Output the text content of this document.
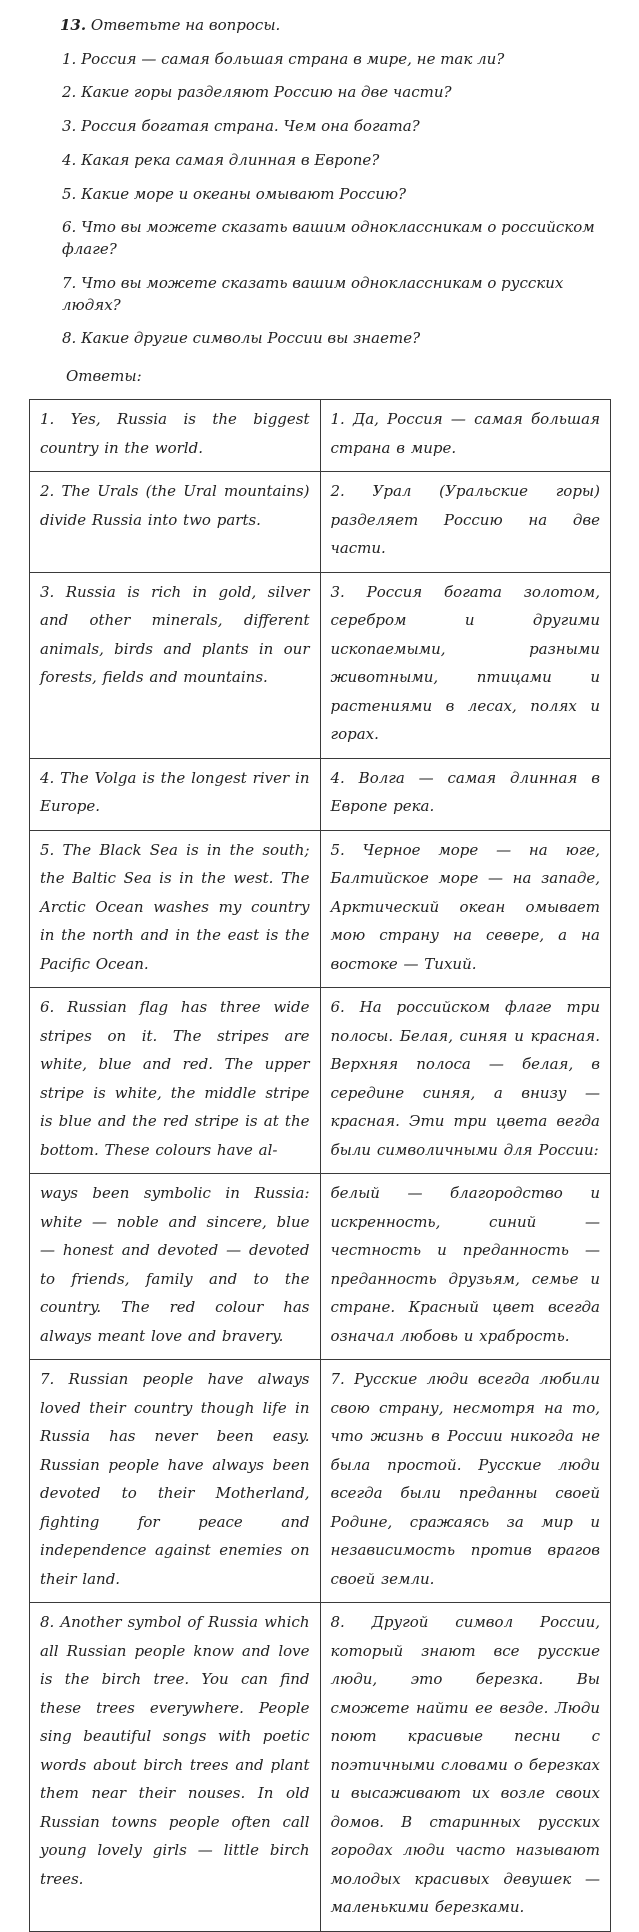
13. Ответьте на вопросы.
1. Россия — самая большая страна в мире, не так ли?
2. Какие горы разделяют Россию на две части?
3. Россия богатая страна. Чем она богата?
4. Какая река самая длинная в Европе?
5. Какие море и океаны омывают Россию?
6. Что вы можете сказать вашим одноклассникам о российском флаге?
7. Что вы можете сказать вашим одноклассникам о русских людях?
8. Какие другие символы России вы знаете?
Ответы:
1. Yes, Russia is the biggest country in the world.	1. Да, Россия — самая большая страна в мире.
2. The Urals (the Ural mountains) divide Russia into two parts.	2. Урал (Уральские горы) разделяет Россию на две части.
3. Russia is rich in gold, silver and other minerals, different animals, birds and plants in our forests, fields and mountains.	3. Россия богата золотом, серебром и другими ископаемыми, разными животными, птицами и растениями в лесах, полях и горах.
4. The Volga is the longest river in Europe.	4. Волга — самая длинная в Европе река.
5. The Black Sea is in the south; the Baltic Sea is in the west. The Arctic Ocean washes my country in the north and in the east is the Pacific Ocean.	5. Черное море — на юге, Балтийское море — на западе, Арктический океан омывает мою страну на севере, а на востоке — Тихий.
6. Russian flag has three wide stripes on it. The stripes are white, blue and red. The upper stripe is white, the middle stripe is blue and the red stripe is at the bottom. These colours have al-	6. На российском флаге три полосы. Белая, синяя и красная. Верхняя полоса — белая, в середине синяя, а внизу — красная. Эти три цвета вегда были символичными для России:
ways been symbolic in Russia: white — noble and sincere, blue — honest and devoted — devoted to friends, family and to the country. The red colour has always meant love and bravery.	белый — благородство и искренность, синий — честность и преданность — преданность друзьям, семье и стране. Красный цвет всегда означал любовь и храбрость.
7. Russian people have always loved their country though life in Russia has never been easy. Russian people have always been devoted to their Motherland, fighting for peace and independence against enemies on their land.	7. Русские люди всегда любили свою страну, несмотря на то, что жизнь в России никогда не была простой. Русские люди всегда были преданны своей Родине, сражаясь за мир и независимость против врагов своей земли.
8. Another symbol of Russia which all Russian people know and love is the birch tree. You can find these trees everywhere. People sing beautiful songs with poetic words about birch trees and plant them near their nouses. In old Russian towns people often call young lovely girls — little birch trees.	8. Другой символ России, который знают все русские люди, это березка. Вы сможете найти ее везде. Люди поют красивые песни с поэтичными словами о березках и высаживают их возле своих домов. В старинных русских городах люди часто называют молодых красивых девушек — маленькими березками.
